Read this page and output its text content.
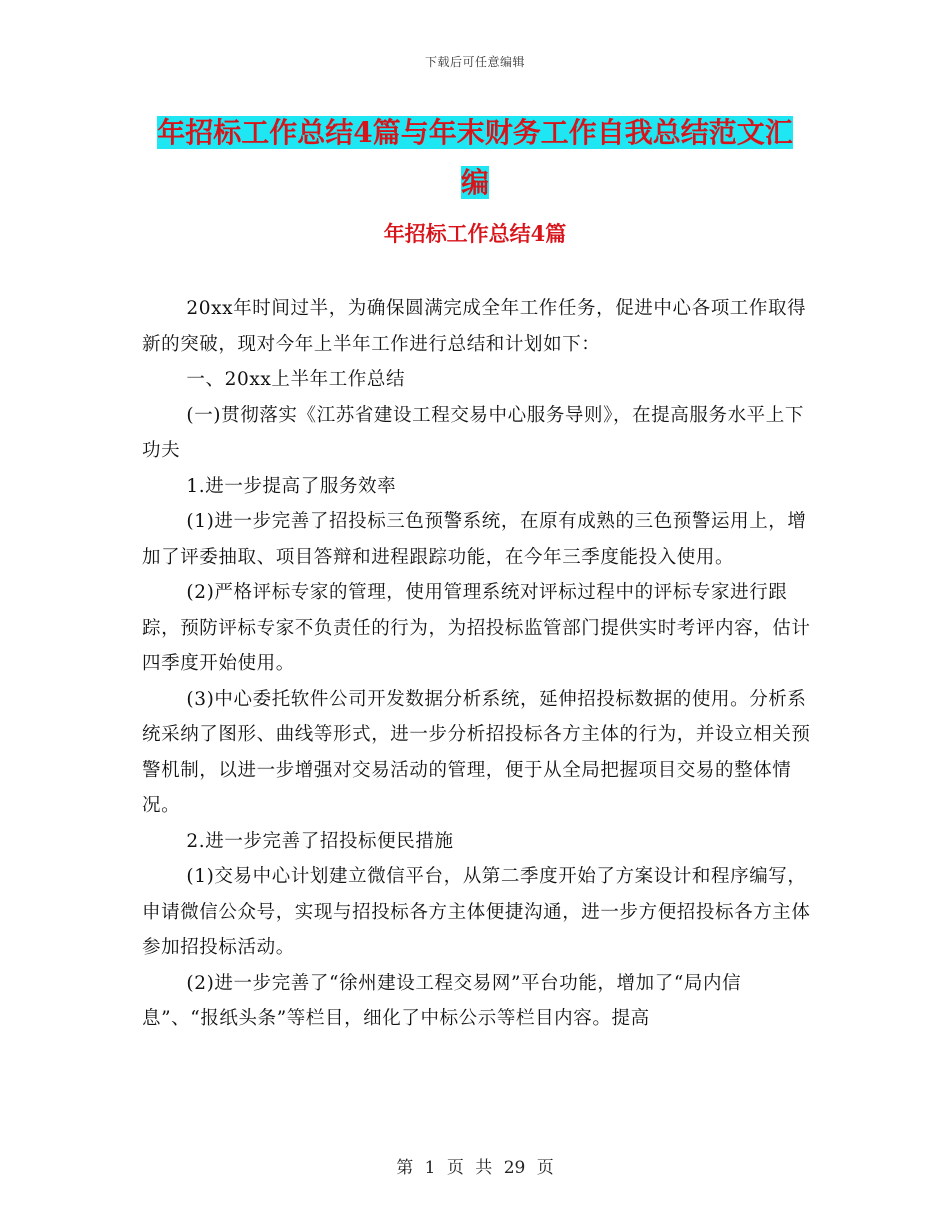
下载后可任意编辑
年招标工作总结4篇与年末财务工作自我总结范文汇
编
年招标工作总结4篇

20xx年时间过半，为确保圆满完成全年工作任务，促进中心各项工作取得新的突破，现对今年上半年工作进行总结和计划如下：

一、20xx上半年工作总结

(一)贯彻落实《江苏省建设工程交易中心服务导则》，在提高服务水平上下功夫

1.进一步提高了服务效率

(1)进一步完善了招投标三色预警系统，在原有成熟的三色预警运用上，增加了评委抽取、项目答辩和进程跟踪功能，在今年三季度能投入使用。

(2)严格评标专家的管理，使用管理系统对评标过程中的评标专家进行跟踪，预防评标专家不负责任的行为，为招投标监管部门提供实时考评内容，估计四季度开始使用。

(3)中心委托软件公司开发数据分析系统，延伸招投标数据的使用。分析系统采纳了图形、曲线等形式，进一步分析招投标各方主体的行为，并设立相关预警机制，以进一步增强对交易活动的管理，便于从全局把握项目交易的整体情况。

2.进一步完善了招投标便民措施

(1)交易中心计划建立微信平台，从第二季度开始了方案设计和程序编写，申请微信公众号，实现与招投标各方主体便捷沟通，进一步方便招投标各方主体参加招投标活动。

(2)进一步完善了“徐州建设工程交易网”平台功能，增加了“局内信息”、“报纸头条”等栏目，细化了中标公示等栏目内容。提高

第 1 页 共 29 页
